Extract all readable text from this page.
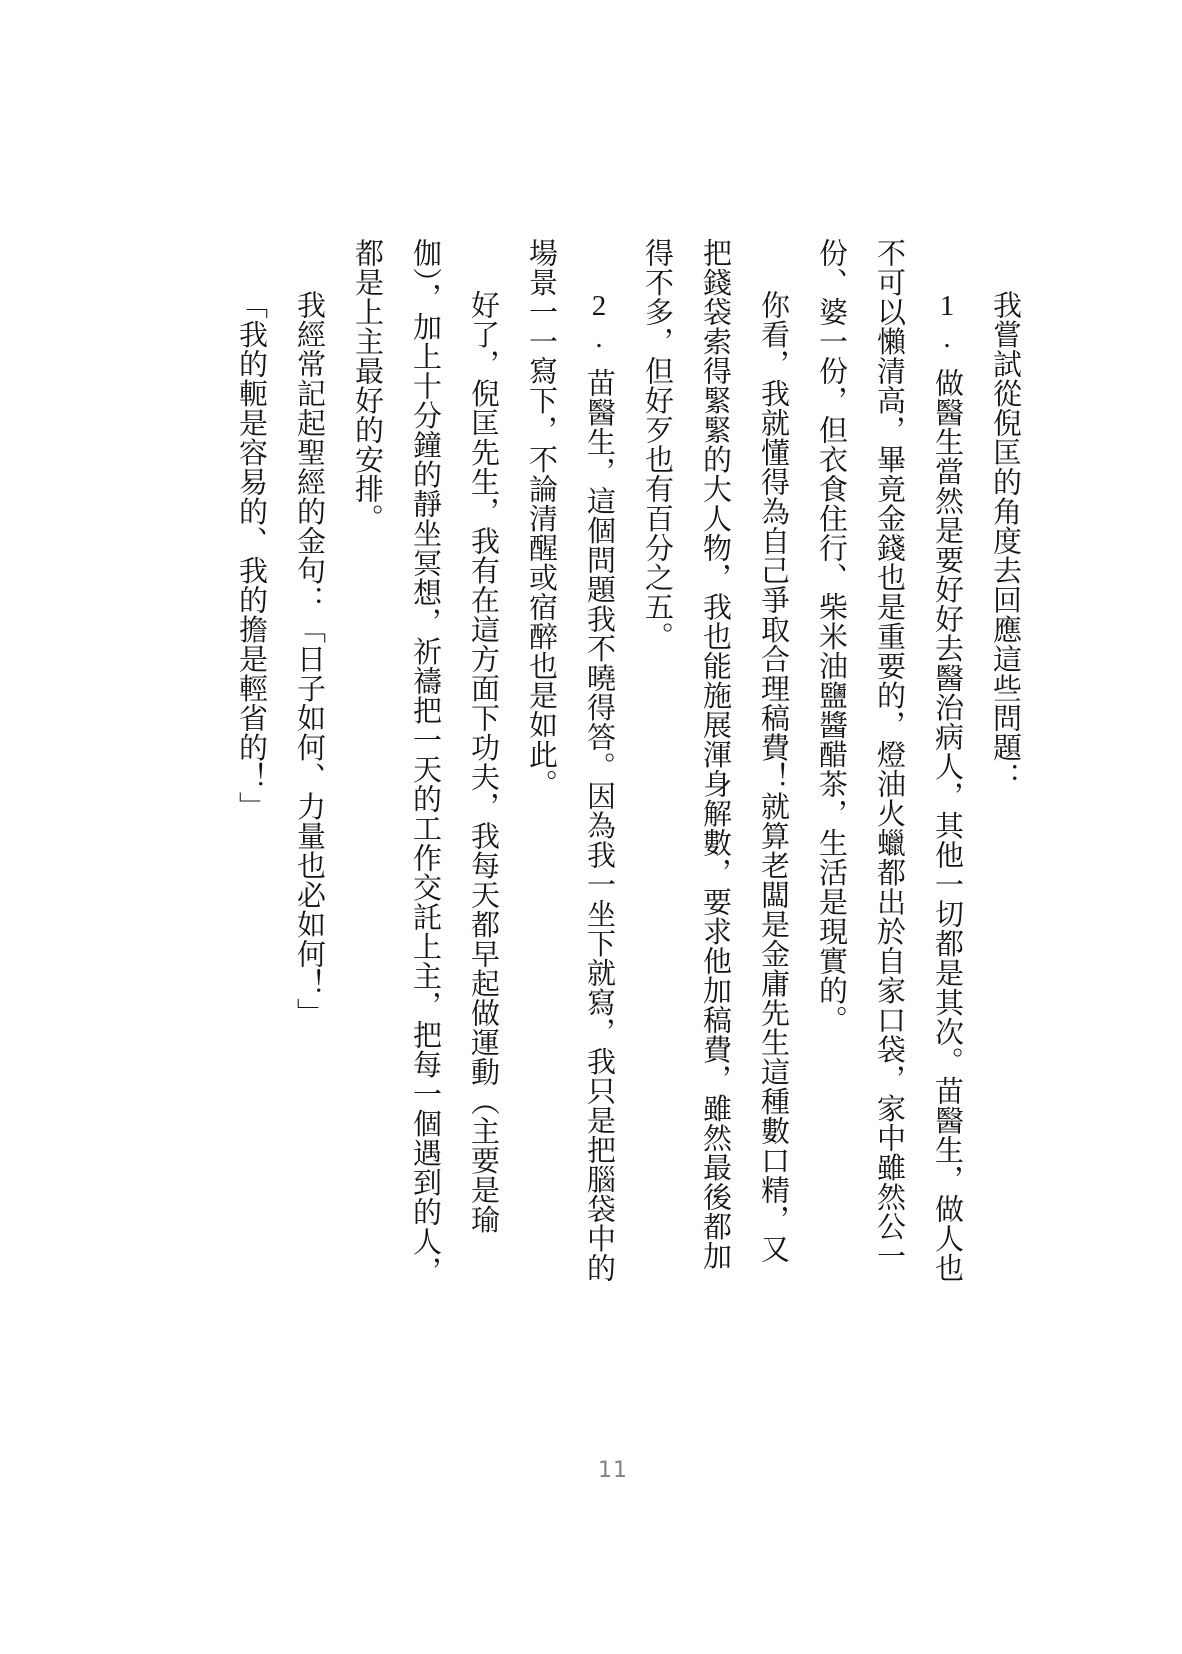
我嘗試從倪匡的角度去回應這些問題：
1.做醫生當然是要好好去醫治病人，其他一切都是其次。苗醫生，做人也
不可以懶清高，畢竟金錢也是重要的，燈油火蠟都出於自家口袋，家中雖然公一
份、婆一份，但衣食住行、柴米油鹽醬醋茶，生活是現實的。
你看，我就懂得為自己爭取合理稿費！就算老闆是金庸先生這種數口精，又
把錢袋索得緊緊的大人物，我也能施展渾身解數，要求他加稿費，雖然最後都加
得不多，但好歹也有百分之五。
2.苗醫生，這個問題我不曉得答。因為我一坐下就寫，我只是把腦袋中的
場景一一寫下，不論清醒或宿醉也是如此。
好了，倪匡先生，我有在這方面下功夫，我每天都早起做運動（主要是瑜
伽），加上十分鐘的靜坐冥想，祈禱把一天的工作交託上主，把每一個遇到的人，
都是上主最好的安排。
我經常記起聖經的金句：「日子如何、力量也必如何！」
「我的軛是容易的、我的擔是輕省的！」
11
